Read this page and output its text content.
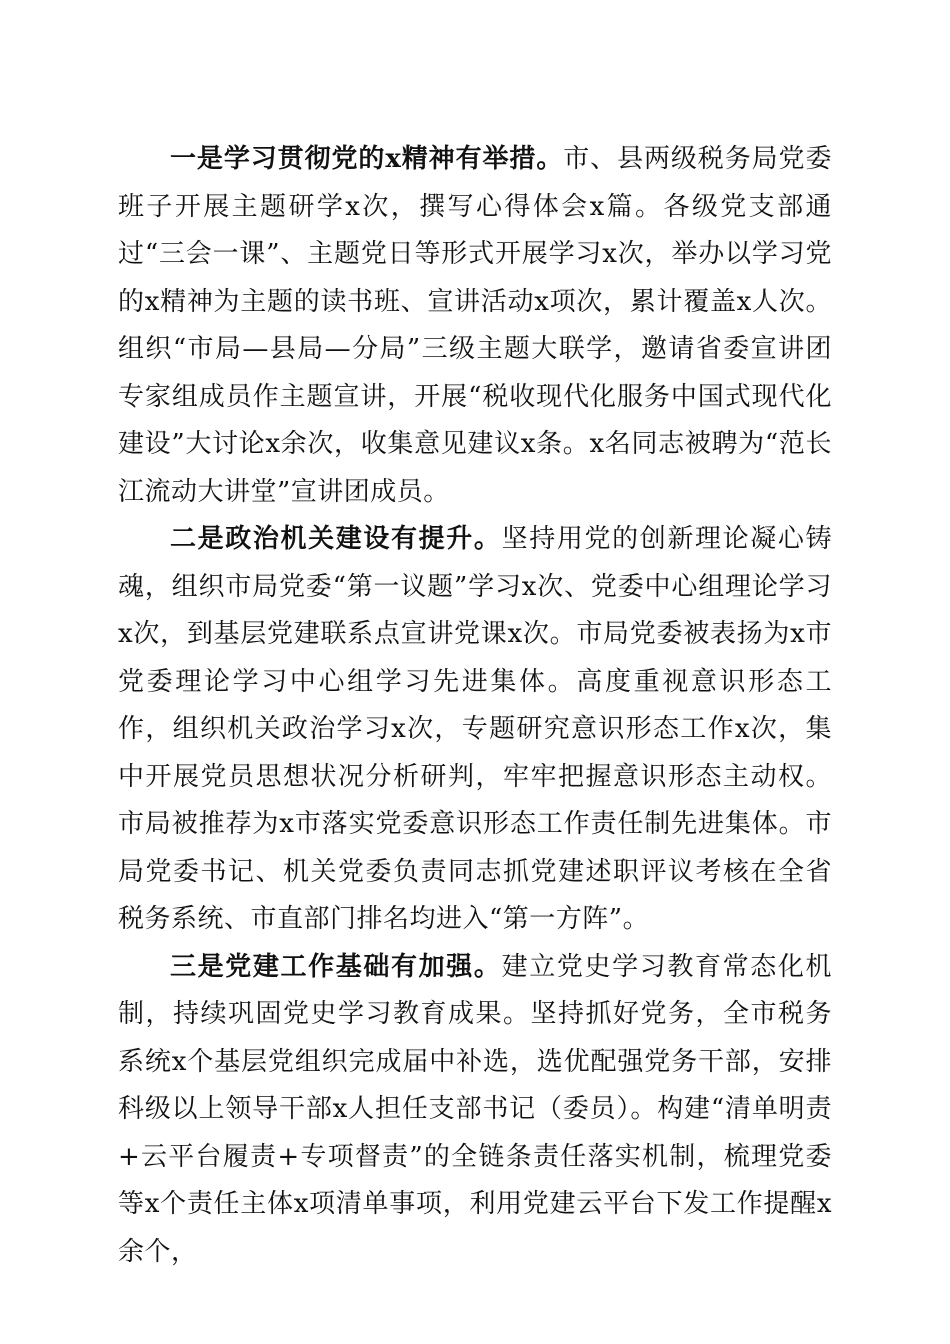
一是学习贯彻党的x精神有举措。市、县两级税务局党委班子开展主题研学x次，撰写心得体会x篇。各级党支部通过“三会一课”、主题党日等形式开展学习x次，举办以学习党的x精神为主题的读书班、宣讲活动x项次，累计覆盖x人次。组织“市局—县局—分局”三级主题大联学，邀请省委宣讲团专家组成员作主题宣讲，开展“税收现代化服务中国式现代化建设”大讨论x余次，收集意见建议x条。x名同志被聘为“范长江流动大讲堂”宣讲团成员。

二是政治机关建设有提升。坚持用党的创新理论凝心铸魂，组织市局党委“第一议题”学习x次、党委中心组理论学习x次，到基层党建联系点宣讲党课x次。市局党委被表扬为x市党委理论学习中心组学习先进集体。高度重视意识形态工作，组织机关政治学习x次，专题研究意识形态工作x次，集中开展党员思想状况分析研判，牢牢把握意识形态主动权。市局被推荐为x市落实党委意识形态工作责任制先进集体。市局党委书记、机关党委负责同志抓党建述职评议考核在全省税务系统、市直部门排名均进入“第一方阵”。

三是党建工作基础有加强。建立党史学习教育常态化机制，持续巩固党史学习教育成果。坚持抓好党务，全市税务系统x个基层党组织完成届中补选，选优配强党务干部，安排科级以上领导干部x人担任支部书记（委员）。构建“清单明责+云平台履责+专项督责”的全链条责任落实机制，梳理党委等x个责任主体x项清单事项，利用党建云平台下发工作提醒x余个，
